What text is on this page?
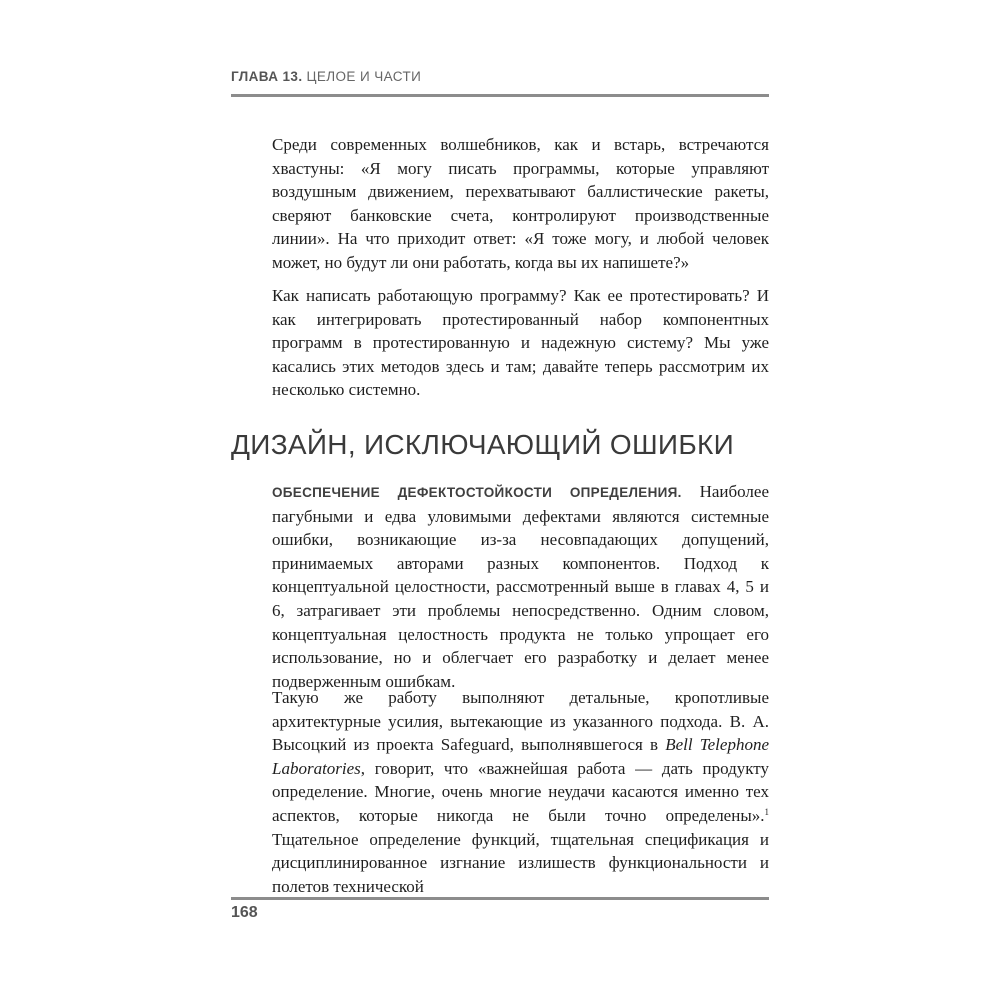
ГЛАВА 13. ЦЕЛОЕ И ЧАСТИ

Среди современных волшебников, как и встарь, встречаются хвастуны: «Я могу писать программы, которые управляют воздушным движением, перехватывают баллистические ракеты, сверяют банковские счета, контролируют производственные линии». На что приходит ответ: «Я тоже могу, и любой человек может, но будут ли они работать, когда вы их напишете?»

Как написать работающую программу? Как ее протестировать? И как интегрировать протестированный набор компонентных программ в протестированную и надежную систему? Мы уже касались этих методов здесь и там; давайте теперь рассмотрим их несколько системно.

ДИЗАЙН, ИСКЛЮЧАЮЩИЙ ОШИБКИ

ОБЕСПЕЧЕНИЕ ДЕФЕКТОСТОЙКОСТИ ОПРЕДЕЛЕНИЯ. Наиболее пагубными и едва уловимыми дефектами являются системные ошибки, возникающие из-за несовпадающих допущений, принимаемых авторами разных компонентов. Подход к концептуальной целостности, рассмотренный выше в главах 4, 5 и 6, затрагивает эти проблемы непосредственно. Одним словом, концептуальная целостность продукта не только упрощает его использование, но и облегчает его разработку и делает менее подверженным ошибкам.

Такую же работу выполняют детальные, кропотливые архитектурные усилия, вытекающие из указанного подхода. В. А. Высоцкий из проекта Safeguard, выполнявшегося в Bell Telephone Laboratories, говорит, что «важнейшая работа — дать продукту определение. Многие, очень многие неудачи касаются именно тех аспектов, которые никогда не были точно определены».$^1$ Тщательное определение функций, тщательная спецификация и дисциплинированное изгнание излишеств функциональности и полетов технической

168
